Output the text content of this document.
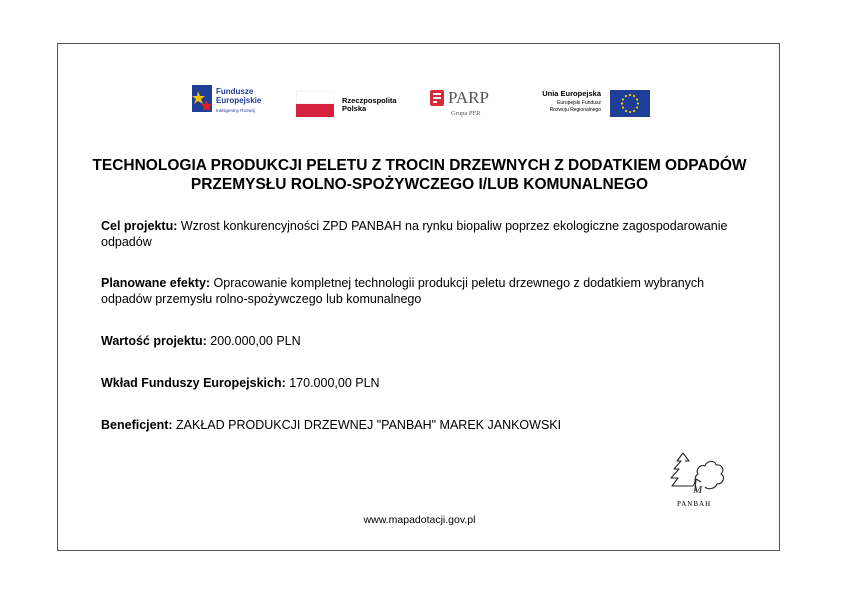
Fundusze
Europejskie
Inteligentny Rozwój
Rzeczpospolita
Polska
PARP
Grupa PFR
Unia Europejska
Europejski Fundusz
Rozwoju Regionalnego
TECHNOLOGIA PRODUKCJI PELETU Z TROCIN DRZEWNYCH Z DODATKIEM ODPADÓW
PRZEMYSŁU ROLNO-SPOŻYWCZEGO I/LUB KOMUNALNEGO
Cel projektu: Wzrost konkurencyjności ZPD PANBAH na rynku biopaliw poprzez ekologiczne zagospodarowanie odpadów
Planowane efekty: Opracowanie kompletnej technologii produkcji peletu drzewnego z dodatkiem wybranych odpadów przemysłu rolno-spożywczego lub komunalnego
Wartość projektu: 200.000,00 PLN
Wkład Funduszy Europejskich: 170.000,00 PLN
Beneficjent: ZAKŁAD PRODUKCJI DRZEWNEJ "PANBAH" MAREK JANKOWSKI
M
PANBAH
www.mapadotacji.gov.pl
